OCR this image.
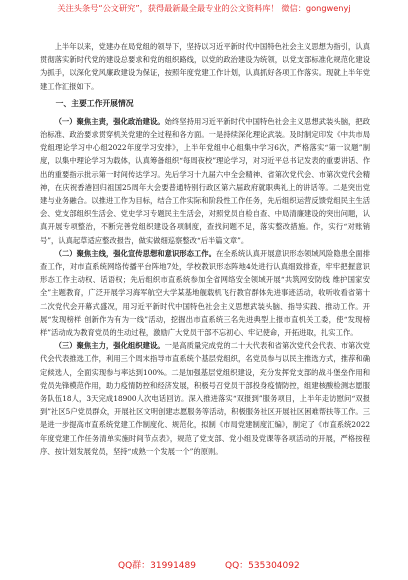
关注头条号“公文研究”，获得最新最全最专业的公文资料库！ 微信：gongwenyj

上半年以来，党建办在局党组的领导下，坚持以习近平新时代中国特色社会主义思想为指引，认真贯彻落实新时代党的建设总要求和党的组织路线，以党的政治建设为统领，以党支部标准化规范化建设为抓手，以深化党风廉政建设为保证，按照年度党建工作计划，认真抓好各项工作落实。现就上半年党建工作汇报如下。

一、主要工作开展情况

（一）聚焦主责，强化政治建设。始终坚持用习近平新时代中国特色社会主义思想武装头脑，把政治标准、政治要求贯穿机关党建的全过程和各方面。一是持续深化理论武装。及时制定印发《中共市局党组理论学习中心组2022年度学习安排》，上半年党组中心组集中学习6次，严格落实“第一议题”制度，以集中理论学习为载体，认真筹备组织“每周夜校”理论学习，对习近平总书记发表的重要讲话、作出的重要指示批示第一时间传达学习。先后学习十九届六中全会精神、省第次党代会、市第次党代会精神，在庆祝香港回归祖国25周年大会要普通特别行政区第六届政府就职典礼上的讲话等。二是突出党建与业务融合。以推进工作为目标，结合工作实际和阶段性工作任务，先后组织运营反馈党组民主生活会、党支部组织生活会、党史学习专题民主生活会，对照党员自检自查、中局清廉建设的突出问题，认真开展专项整治，不断完善党组织建设各项制度，查找问题不足，落实整改措施。作，实行“对账销号”，认真起草适应整改报告，做实做细巡察整改“后半篇文章”。

（二）聚焦主线，强化宣传思想和意识形态工作。在全系统认真开展意识形态领域风险隐患全面排查工作，对市直系统网络传播平台阵地7处，学校教识形态阵地4处进行认真细致排查，牢牢把握意识形态工作主动权、话语权；先后组织市直系统参加全省网络安全领域开展“共筑网安防线 维护国家安全”主题教育，广泛开展学习海军航空大学某基地舰载机飞行教官群体先进事迹活动，收听收看省第十二次党代会开幕式盛况，用习近平新时代中国特色社会主义思想武装头脑、指导实践、推动工作。开展“发现榜样 创新作为有为一线”活动，挖掘出市直系统三名先进典型上报市直机关工委，使“发现榜样”活动成为教育党员的生动过程，激励广大党员干部不忘初心、牢记使命，开拓进取，扎实工作。

（三）聚焦主力，强化组织建设。一是高质量完成党的二十大代表和省第次党代会代表、市第次党代会代表推选工作，利用三个周末指导市直系统个基层党组织，名党员参与以民主推选方式，推荐和确定候选人，全面实现参与率达到100%。二是加强基层党组织建设，充分发挥党支部的战斗堡垒作用和党员先锋模范作用，助力疫情防控和经济发展，积极号召党员干部投身疫情防控，组建核酸检测志愿服务队伍18人，3天完成18900人次电话回访。深入推进落实“双报到”服务项目，上半年走访慰问“双报到”社区5户党员群众，开展社区文明创建志愿服务等活动，积极服务社区开展社区困难帮扶等工作。三是进一步提高市直系统党建工作制度化、规范化，拟制《市局党建制度汇编》，制定了《市直系统2022年度党建工作任务清单实施时间节点表》，规范了党支部、党小组及党课等各项活动的开展，严格按程序、按计划发展党员，坚持“成熟一个发展一个”的原则。

QQ群：31991489	QQ：535304092
